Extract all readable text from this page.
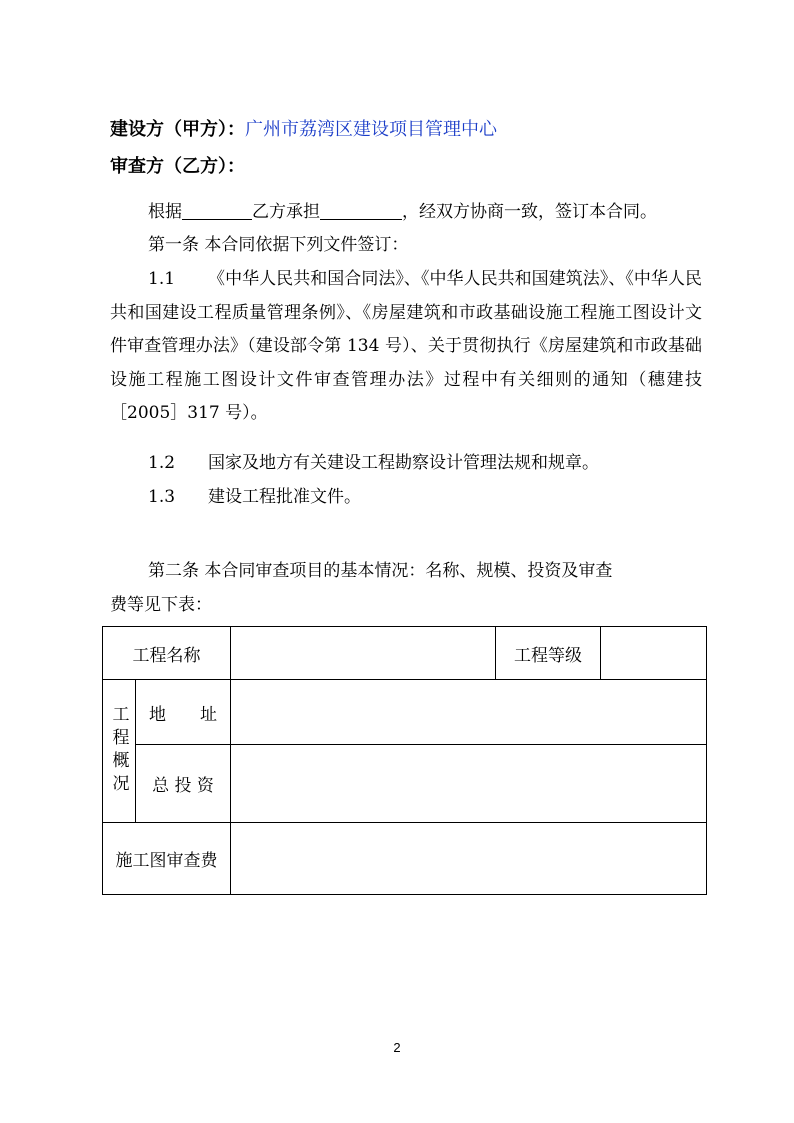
建设方（甲方）：广州市荔湾区建设项目管理中心
审查方（乙方）：
根据	乙方承担	，经双方协商一致，签订本合同。
第一条 本合同依据下列文件签订：
1.1 《中华人民共和国合同法》、《中华人民共和国建筑法》、《中华人民共和国建设工程质量管理条例》、《房屋建筑和市政基础设施工程施工图设计文件审查管理办法》（建设部令第 134 号）、关于贯彻执行《房屋建筑和市政基础设施工程施工图设计文件审查管理办法》过程中有关细则的通知（穗建技［2005］317 号）。
1.2 国家及地方有关建设工程勘察设计管理法规和规章。
1.3 建设工程批准文件。
第二条 本合同审查项目的基本情况：名称、规模、投资及审查
费等见下表：
工程名称			工程等级	

工程概况	地　　址			
	总 投 资			
施工图审查费				
2
